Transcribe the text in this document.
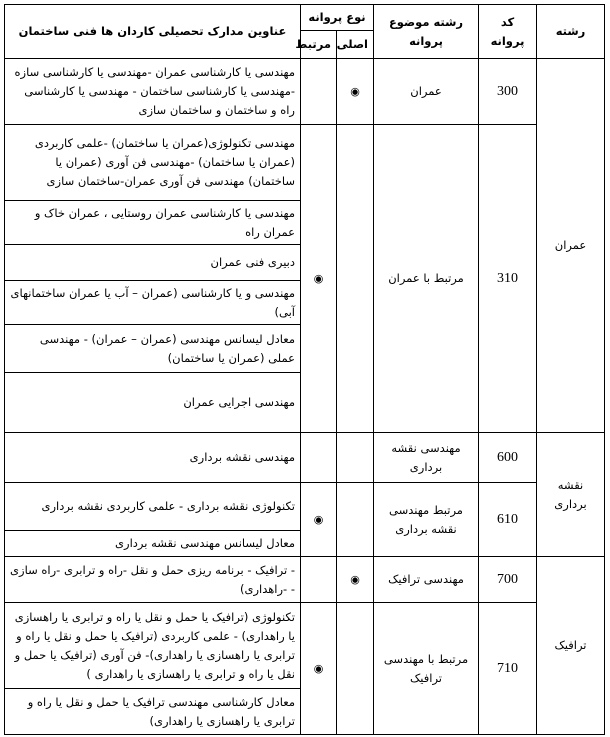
رشته	کد پروانه	رشته موضوع پروانه	نوع پروانه		عناوین مدارک تحصیلی کاردان ها فنی ساختمان
			اصلی	مرتبط	
عمران	300	عمران	◉		مهندسی یا کارشناسی عمران -مهندسی یا کارشناسی سازه -مهندسی یا کارشناسی ساختمان - مهندسی یا کارشناسی راه و ساختمان و ساختمان سازی
	310	مرتبط با عمران		◉	مهندسی تکنولوژی(عمران یا ساختمان) -علمی کاربردی (عمران یا ساختمان) -مهندسی فن آوری (عمران یا ساختمان) مهندسی فن آوری عمران-ساختمان سازی
					مهندسی یا کارشناسی عمران روستایی ، عمران خاک و عمران راه
					دبیری فنی عمران
					مهندسی و یا کارشناسی (عمران – آب یا عمران ساختمانهای آبی)
					معادل لیسانس مهندسی (عمران – عمران) - مهندسی عملی (عمران یا ساختمان)
					مهندسی اجرایی عمران
نقشه برداری	600	مهندسی نقشه برداری			مهندسی نقشه برداری
	610	مرتبط مهندسی نقشه برداری		◉	تکنولوژی نقشه برداری - علمی کاربردی نقشه برداری
					معادل لیسانس مهندسی نقشه برداری
ترافیک	700	مهندسی ترافیک	◉		- ترافیک - برنامه ریزی حمل و نقل -راه و ترابری -راه سازی - -راهداری)
	710	مرتبط با مهندسی ترافیک		◉	تکنولوژی (ترافیک یا حمل و نقل یا راه و ترابری یا راهسازی یا راهداری) - علمی کاربردی (ترافیک یا حمل و نقل یا راه و ترابری یا راهسازی یا راهداری)- فن آوری (ترافیک یا حمل و نقل یا راه و ترابری یا راهسازی یا راهداری )
					معادل کارشناسی مهندسی ترافیک یا حمل و نقل یا راه و ترابری یا راهسازی یا راهداری)
